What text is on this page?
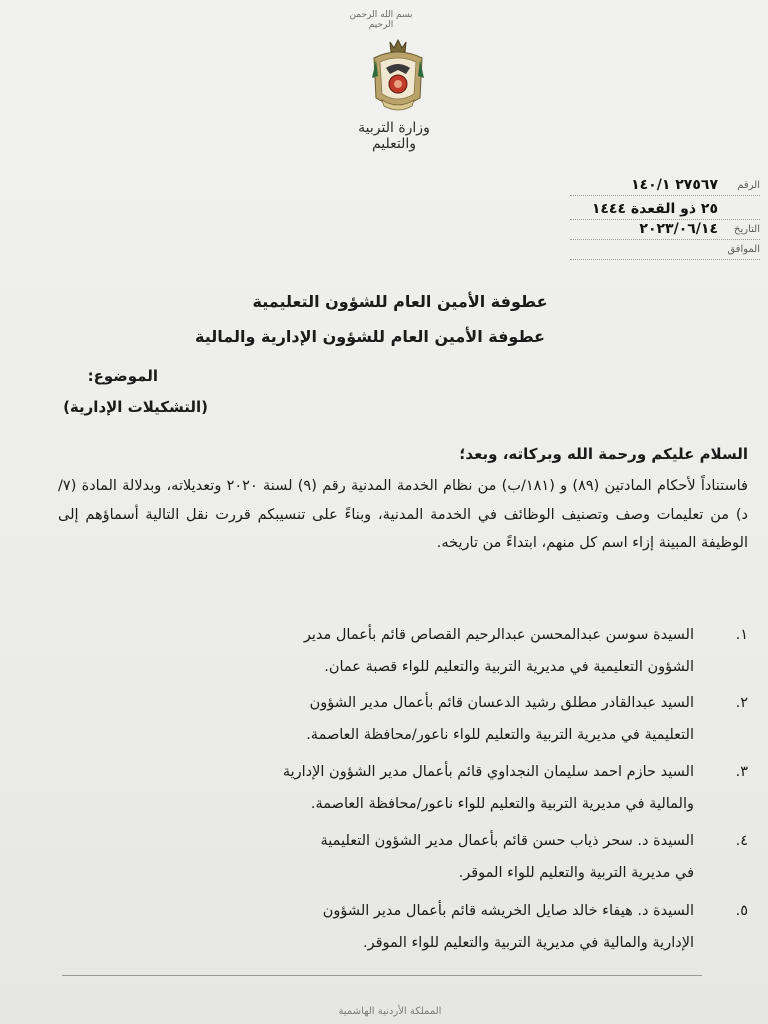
بسم الله الرحمن الرحيم
وزارة التربية والتعليم
الرقم
٢٧٥٦٧ ١٤٠/١
٢٥ ذو القعدة ١٤٤٤
التاريخ
٢٠٢٣/٠٦/١٤
الموافق
عطوفة الأمين العام للشؤون التعليمية
عطوفة الأمين العام للشؤون الإدارية والمالية
الموضوع:
(التشكيلات الإدارية)
السلام عليكم ورحمة الله وبركاته، وبعد؛
فاستناداً لأحكام المادتين (٨٩) و (١٨١/ب) من نظام الخدمة المدنية رقم (٩) لسنة ٢٠٢٠ وتعديلاته، وبدلالة المادة (٧/د) من تعليمات وصف وتصنيف الوظائف في الخدمة المدنية، وبناءً على تنسيبكم قررت نقل التالية أسماؤهم إلى الوظيفة المبينة إزاء اسم كل منهم، ابتداءً من تاريخه.
١.
السيدة سوسن عبدالمحسن عبدالرحيم القصاص قائم بأعمال مدير
الشؤون التعليمية في مديرية التربية والتعليم للواء قصبة عمان.
٢.
السيد عبدالقادر مطلق رشيد الدعسان قائم بأعمال مدير الشؤون
التعليمية في مديرية التربية والتعليم للواء ناعور/محافظة العاصمة.
٣.
السيد حازم احمد سليمان النجداوي قائم بأعمال مدير الشؤون الإدارية
والمالية في مديرية التربية والتعليم للواء ناعور/محافظة العاصمة.
٤.
السيدة د. سحر ذياب حسن قائم بأعمال مدير الشؤون التعليمية
في مديرية التربية والتعليم للواء الموقر.
٥.
السيدة د. هيفاء خالد صايل الخريشه قائم بأعمال مدير الشؤون
الإدارية والمالية في مديرية التربية والتعليم للواء الموقر.
المملكة الأردنية الهاشمية
